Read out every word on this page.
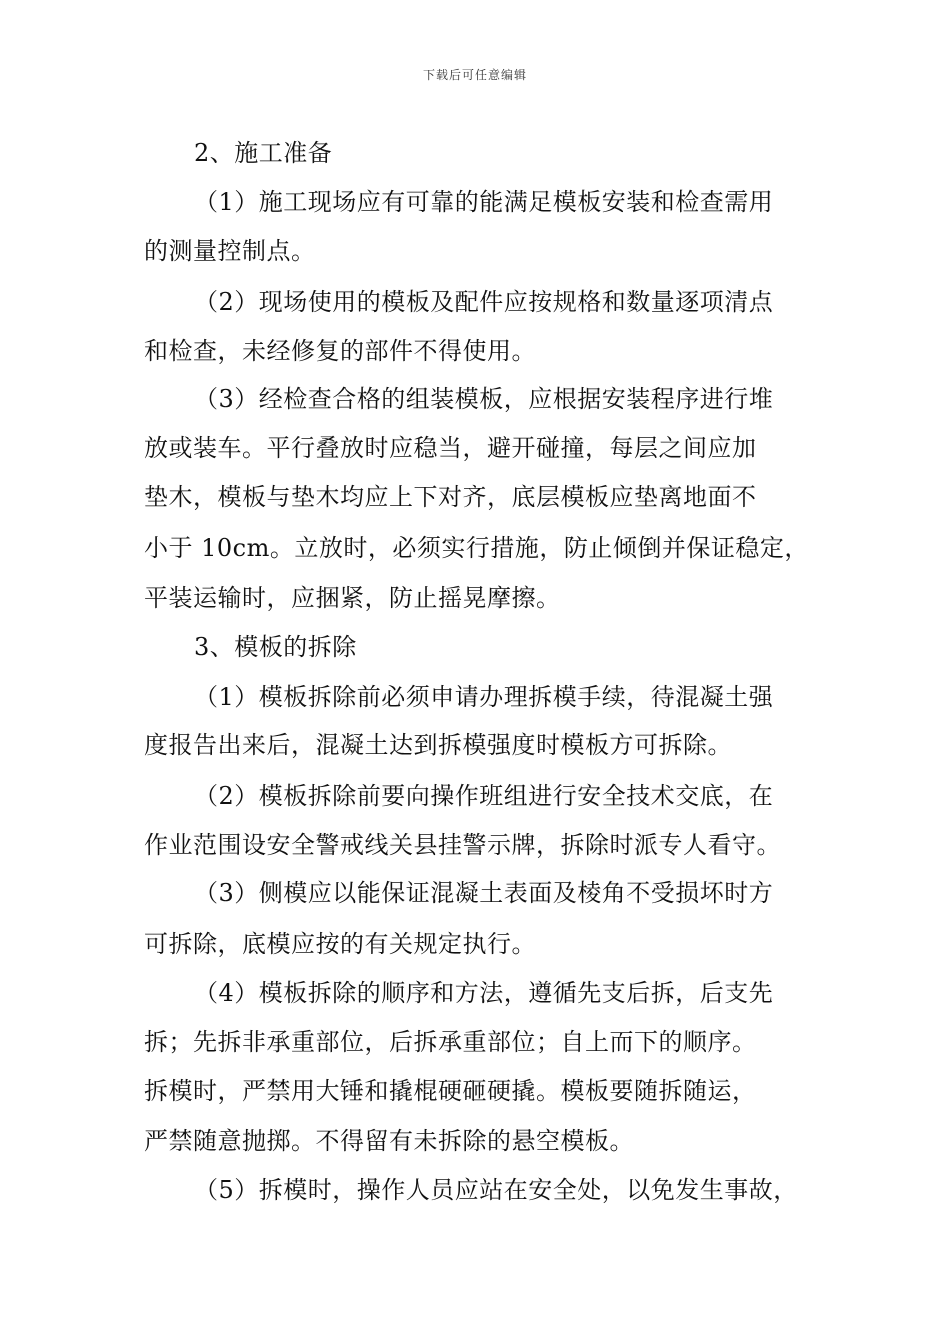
下载后可任意编辑
2、施工准备
（1）施工现场应有可靠的能满足模板安装和检查需用
的测量控制点。
（2）现场使用的模板及配件应按规格和数量逐项清点
和检查，未经修复的部件不得使用。
（3）经检查合格的组装模板，应根据安装程序进行堆
放或装车。平行叠放时应稳当，避开碰撞，每层之间应加
垫木，模板与垫木均应上下对齐，底层模板应垫离地面不
小于 10cm。立放时，必须实行措施，防止倾倒并保证稳定，
平装运输时，应捆紧，防止摇晃摩擦。
3、模板的拆除
（1）模板拆除前必须申请办理拆模手续，待混凝土强
度报告出来后，混凝土达到拆模强度时模板方可拆除。
（2）模板拆除前要向操作班组进行安全技术交底，在
作业范围设安全警戒线关县挂警示牌，拆除时派专人看守。
（3）侧模应以能保证混凝土表面及棱角不受损坏时方
可拆除，底模应按的有关规定执行。
（4）模板拆除的顺序和方法，遵循先支后拆，后支先
拆；先拆非承重部位，后拆承重部位；自上而下的顺序。
拆模时，严禁用大锤和撬棍硬砸硬撬。模板要随拆随运，
严禁随意抛掷。不得留有未拆除的悬空模板。
（5）拆模时，操作人员应站在安全处，以免发生事故，
